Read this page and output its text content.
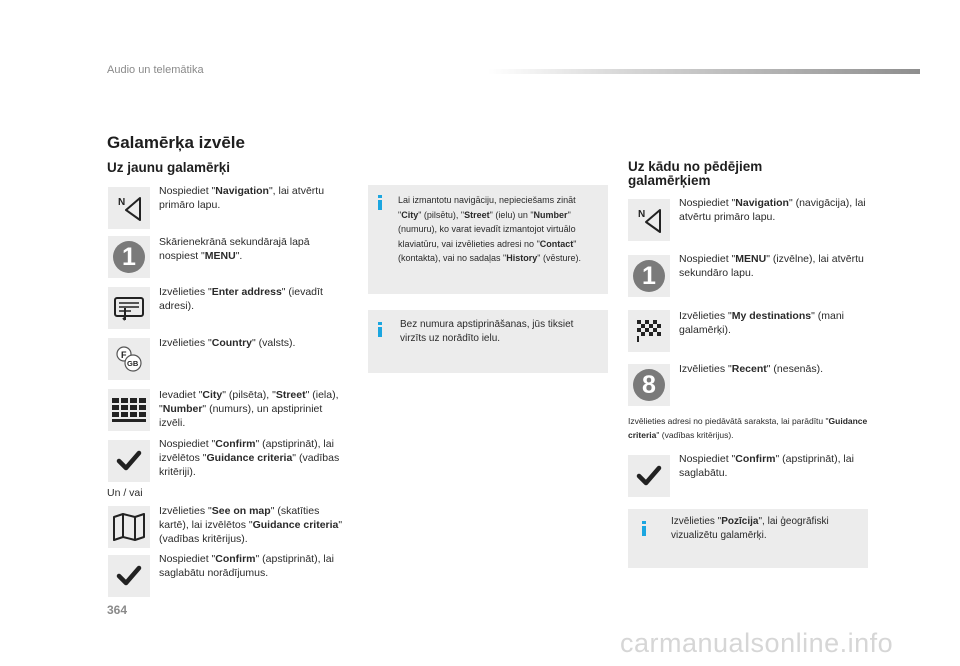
Audio un telemātika
Galamērķa izvēle
Uz jaunu galamērķi
N
Nospiediet "Navigation", lai atvērtu primāro lapu.
1
Skārienekrānā sekundārajā lapā nospiest "MENU".
Izvēlieties "Enter address" (ievadīt adresi).
F
GB
Izvēlieties "Country" (valsts).
Ievadiet "City" (pilsēta), "Street" (iela), "Number" (numurs), un apstipriniet izvēli.
Nospiediet "Confirm" (apstiprināt), lai izvēlētos "Guidance criteria" (vadības kritēriji).
Un / vai
Izvēlieties "See on map" (skatīties kartē), lai izvēlētos "Guidance criteria" (vadības kritērijus).
Nospiediet "Confirm" (apstiprināt), lai saglabātu norādījumus.
Lai izmantotu navigāciju, nepieciešams zināt "City" (pilsētu), "Street" (ielu) un "Number" (numuru), ko varat ievadīt izmantojot virtuālo klaviatūru, vai izvēlieties adresi no "Contact" (kontakta), vai no sadaļas "History" (vēsture).
Bez numura apstiprināšanas, jūs tiksiet virzīts uz norādīto ielu.
Uz kādu no pēdējiem galamērķiem
N
Nospiediet "Navigation" (navigācija), lai atvērtu primāro lapu.
1
Nospiediet "MENU" (izvēlne), lai atvērtu sekundāro lapu.
Izvēlieties "My destinations" (mani galamērķi).
8
Izvēlieties "Recent" (nesenās).
Izvēlieties adresi no piedāvātā saraksta, lai parādītu "Guidance criteria" (vadības kritērijus).
Nospiediet "Confirm" (apstiprināt), lai saglabātu.
Izvēlieties "Pozīcija", lai ģeogrāfiski vizualizētu galamērķi.
364
carmanualsonline.info
